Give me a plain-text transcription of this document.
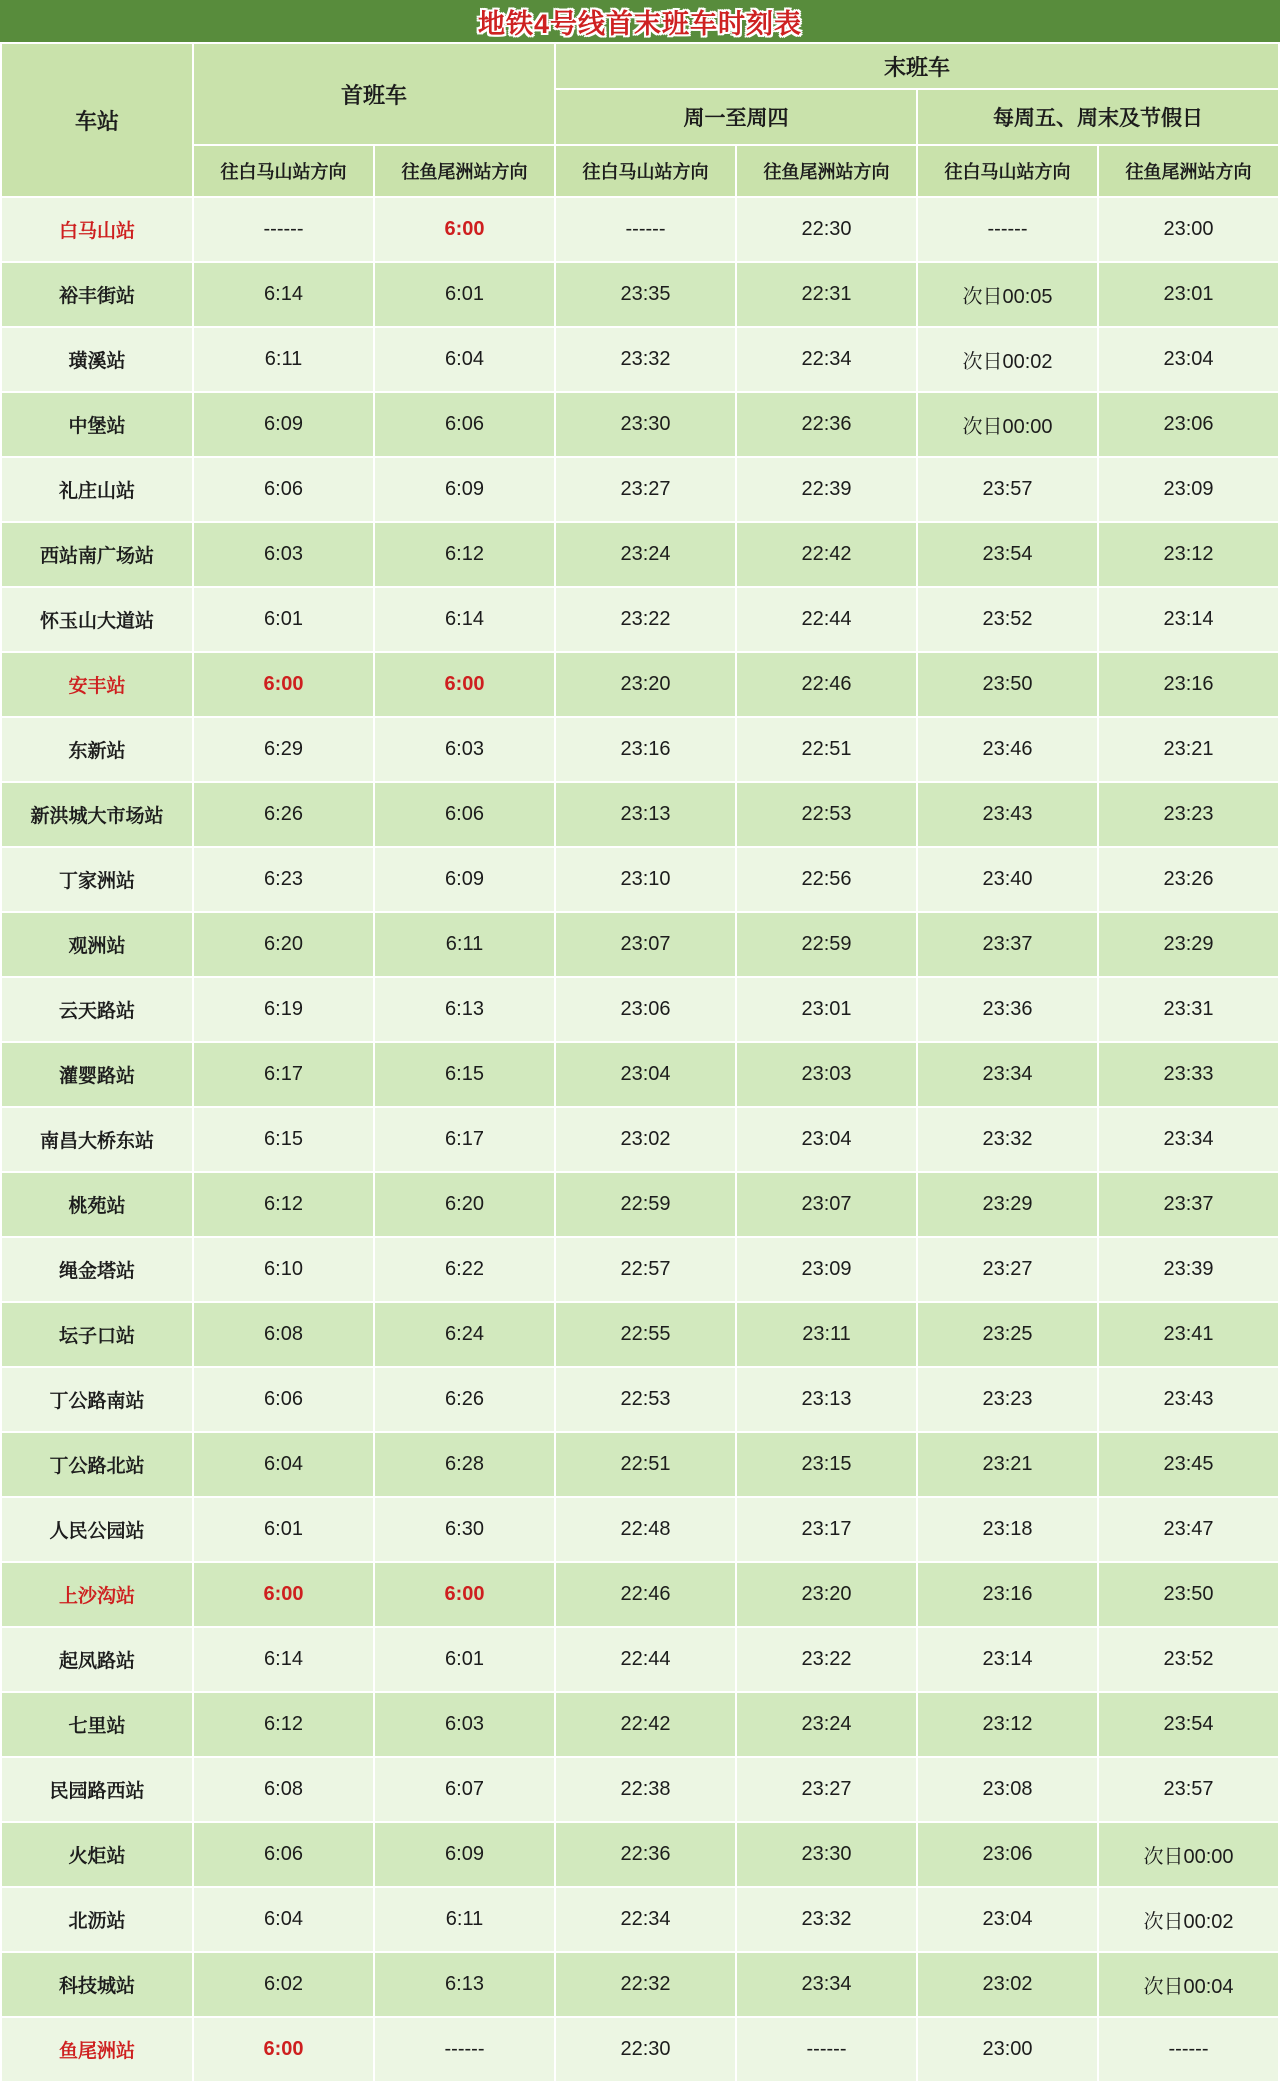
地铁4号线首末班车时刻表
车站	首班车		末班车			
			周一至周四		每周五、周末及节假日	
	往白马山站方向	往鱼尾洲站方向	往白马山站方向	往鱼尾洲站方向	往白马山站方向	往鱼尾洲站方向
白马山站	------	6:00	------	22:30	------	23:00
裕丰街站	6:14	6:01	23:35	22:31	次日00:05	23:01
璜溪站	6:11	6:04	23:32	22:34	次日00:02	23:04
中堡站	6:09	6:06	23:30	22:36	次日00:00	23:06
礼庄山站	6:06	6:09	23:27	22:39	23:57	23:09
西站南广场站	6:03	6:12	23:24	22:42	23:54	23:12
怀玉山大道站	6:01	6:14	23:22	22:44	23:52	23:14
安丰站	6:00	6:00	23:20	22:46	23:50	23:16
东新站	6:29	6:03	23:16	22:51	23:46	23:21
新洪城大市场站	6:26	6:06	23:13	22:53	23:43	23:23
丁家洲站	6:23	6:09	23:10	22:56	23:40	23:26
观洲站	6:20	6:11	23:07	22:59	23:37	23:29
云天路站	6:19	6:13	23:06	23:01	23:36	23:31
灌婴路站	6:17	6:15	23:04	23:03	23:34	23:33
南昌大桥东站	6:15	6:17	23:02	23:04	23:32	23:34
桃苑站	6:12	6:20	22:59	23:07	23:29	23:37
绳金塔站	6:10	6:22	22:57	23:09	23:27	23:39
坛子口站	6:08	6:24	22:55	23:11	23:25	23:41
丁公路南站	6:06	6:26	22:53	23:13	23:23	23:43
丁公路北站	6:04	6:28	22:51	23:15	23:21	23:45
人民公园站	6:01	6:30	22:48	23:17	23:18	23:47
上沙沟站	6:00	6:00	22:46	23:20	23:16	23:50
起凤路站	6:14	6:01	22:44	23:22	23:14	23:52
七里站	6:12	6:03	22:42	23:24	23:12	23:54
民园路西站	6:08	6:07	22:38	23:27	23:08	23:57
火炬站	6:06	6:09	22:36	23:30	23:06	次日00:00
北沥站	6:04	6:11	22:34	23:32	23:04	次日00:02
科技城站	6:02	6:13	22:32	23:34	23:02	次日00:04
鱼尾洲站	6:00	------	22:30	------	23:00	------
